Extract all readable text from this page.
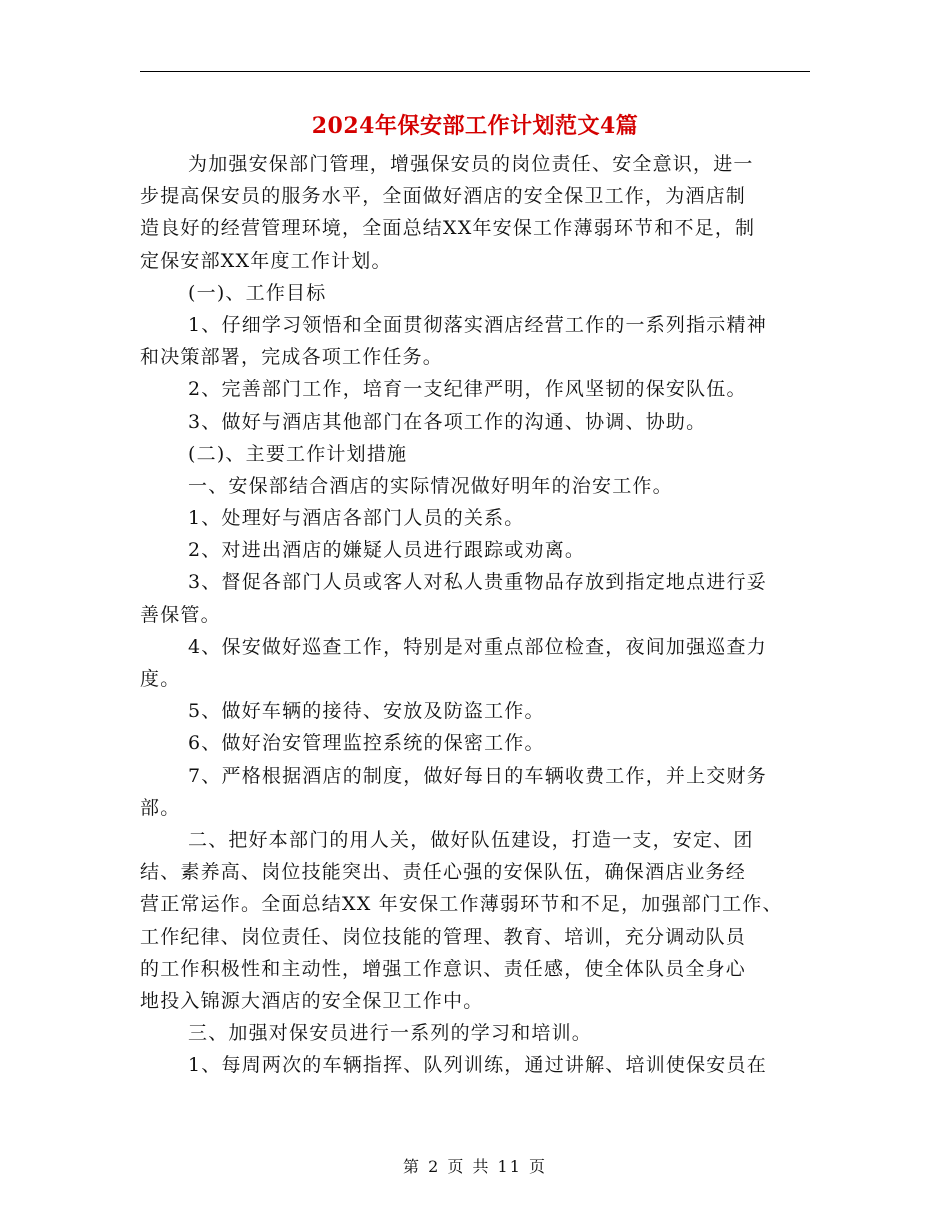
2024年保安部工作计划范文4篇
为加强安保部门管理，增强保安员的岗位责任、安全意识，进一
步提高保安员的服务水平，全面做好酒店的安全保卫工作，为酒店制
造良好的经营管理环境，全面总结XX年安保工作薄弱环节和不足，制
定保安部XX年度工作计划。
(一)、工作目标
1、仔细学习领悟和全面贯彻落实酒店经营工作的一系列指示精神
和决策部署，完成各项工作任务。
2、完善部门工作，培育一支纪律严明，作风坚韧的保安队伍。
3、做好与酒店其他部门在各项工作的沟通、协调、协助。
(二)、主要工作计划措施
一、安保部结合酒店的实际情况做好明年的治安工作。
1、处理好与酒店各部门人员的关系。
2、对进出酒店的嫌疑人员进行跟踪或劝离。
3、督促各部门人员或客人对私人贵重物品存放到指定地点进行妥
善保管。
4、保安做好巡查工作，特别是对重点部位检查，夜间加强巡查力
度。
5、做好车辆的接待、安放及防盗工作。
6、做好治安管理监控系统的保密工作。
7、严格根据酒店的制度，做好每日的车辆收费工作，并上交财务
部。
二、把好本部门的用人关，做好队伍建设，打造一支，安定、团
结、素养高、岗位技能突出、责任心强的安保队伍，确保酒店业务经
营正常运作。全面总结XX 年安保工作薄弱环节和不足，加强部门工作、
工作纪律、岗位责任、岗位技能的管理、教育、培训，充分调动队员
的工作积极性和主动性，增强工作意识、责任感，使全体队员全身心
地投入锦源大酒店的安全保卫工作中。
三、加强对保安员进行一系列的学习和培训。
1、每周两次的车辆指挥、队列训练，通过讲解、培训使保安员在
第 2 页 共 11 页
